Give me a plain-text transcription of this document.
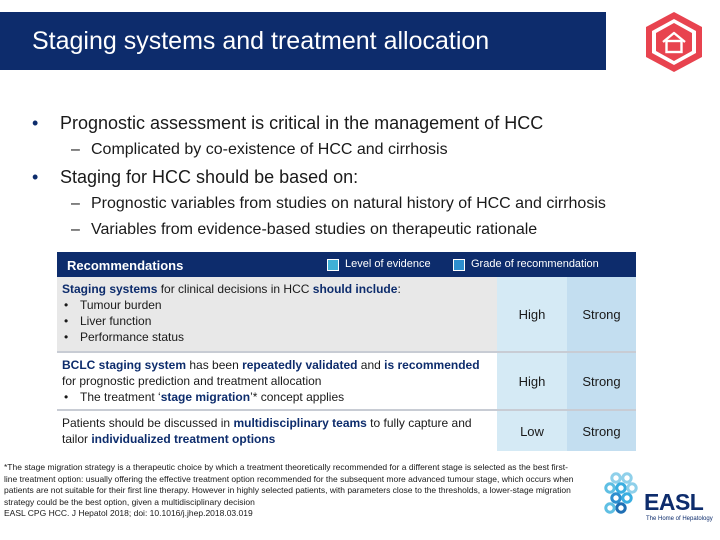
Staging systems and treatment allocation
• Prognostic assessment is critical in the management of HCC
– Complicated by co-existence of HCC and cirrhosis
• Staging for HCC should be based on:
– Prognostic variables from studies on natural history of HCC and cirrhosis
– Variables from evidence-based studies on therapeutic rationale
Recommendations	Level of evidence	Grade of recommendation
Staging systems for clinical decisions in HCC should include:
• Tumour burden
• Liver function
• Performance status
High	Strong
BCLC staging system has been repeatedly validated and is recommended for prognostic prediction and treatment allocation
• The treatment ‘stage migration’* concept applies
High	Strong
Patients should be discussed in multidisciplinary teams to fully capture and tailor individualized treatment options
Low	Strong
*The stage migration strategy is a therapeutic choice by which a treatment theoretically recommended for a different stage is selected as the best first-line treatment option: usually offering the effective treatment option recommended for the subsequent more advanced tumour stage, which occurs when patients are not suitable for their first line therapy. However in highly selected patients, with parameters close to the thresholds, a lower-stage migration strategy could be the best option, given a multidisciplinary decision
EASL CPG HCC. J Hepatol 2018; doi: 10.1016/j.jhep.2018.03.019	EASL
The Home of Hepatology
